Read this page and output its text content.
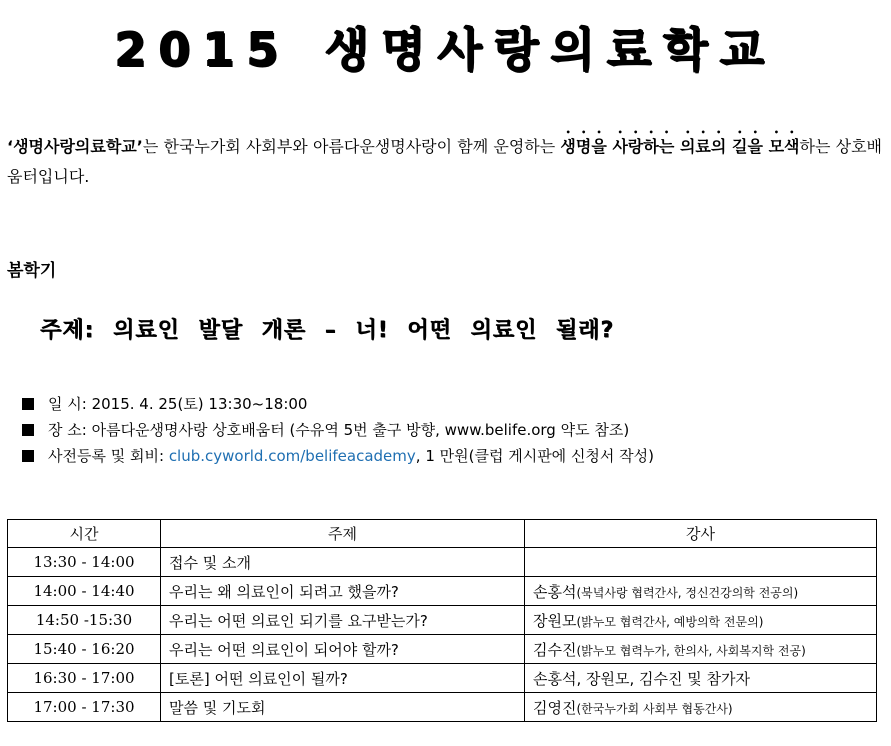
2015 생명사랑의료학교
‘생명사랑의료학교’는 한국누가회 사회부와 아름다운생명사랑이 함께 운영하는 생명을 사랑하는 의료의 길을 모색하는 상호배움터입니다.
봄학기
주제: 의료인 발달 개론 – 너! 어떤 의료인 될래?
일 시: 2015. 4. 25(토) 13:30~18:00
장 소: 아름다운생명사랑 상호배움터 (수유역 5번 출구 방향, www.belife.org 약도 참조)
사전등록 및 회비: club.cyworld.com/belifeacademy, 1 만원(클럽 게시판에 신청서 작성)
시간	주제	강사
13:30 - 14:00	접수 및 소개	
14:00 - 14:40	우리는 왜 의료인이 되려고 했을까?	손홍석(북녘사랑 협력간사, 정신건강의학 전공의)
14:50 -15:30	우리는 어떤 의료인 되기를 요구받는가?	장원모(밝누모 협력간사, 예방의학 전문의)
15:40 - 16:20	우리는 어떤 의료인이 되어야 할까?	김수진(밝누모 협력누가, 한의사, 사회복지학 전공)
16:30 - 17:00	[토론] 어떤 의료인이 될까?	손홍석, 장원모, 김수진 및 참가자
17:00 - 17:30	말씀 및 기도회	김영진(한국누가회 사회부 협동간사)
